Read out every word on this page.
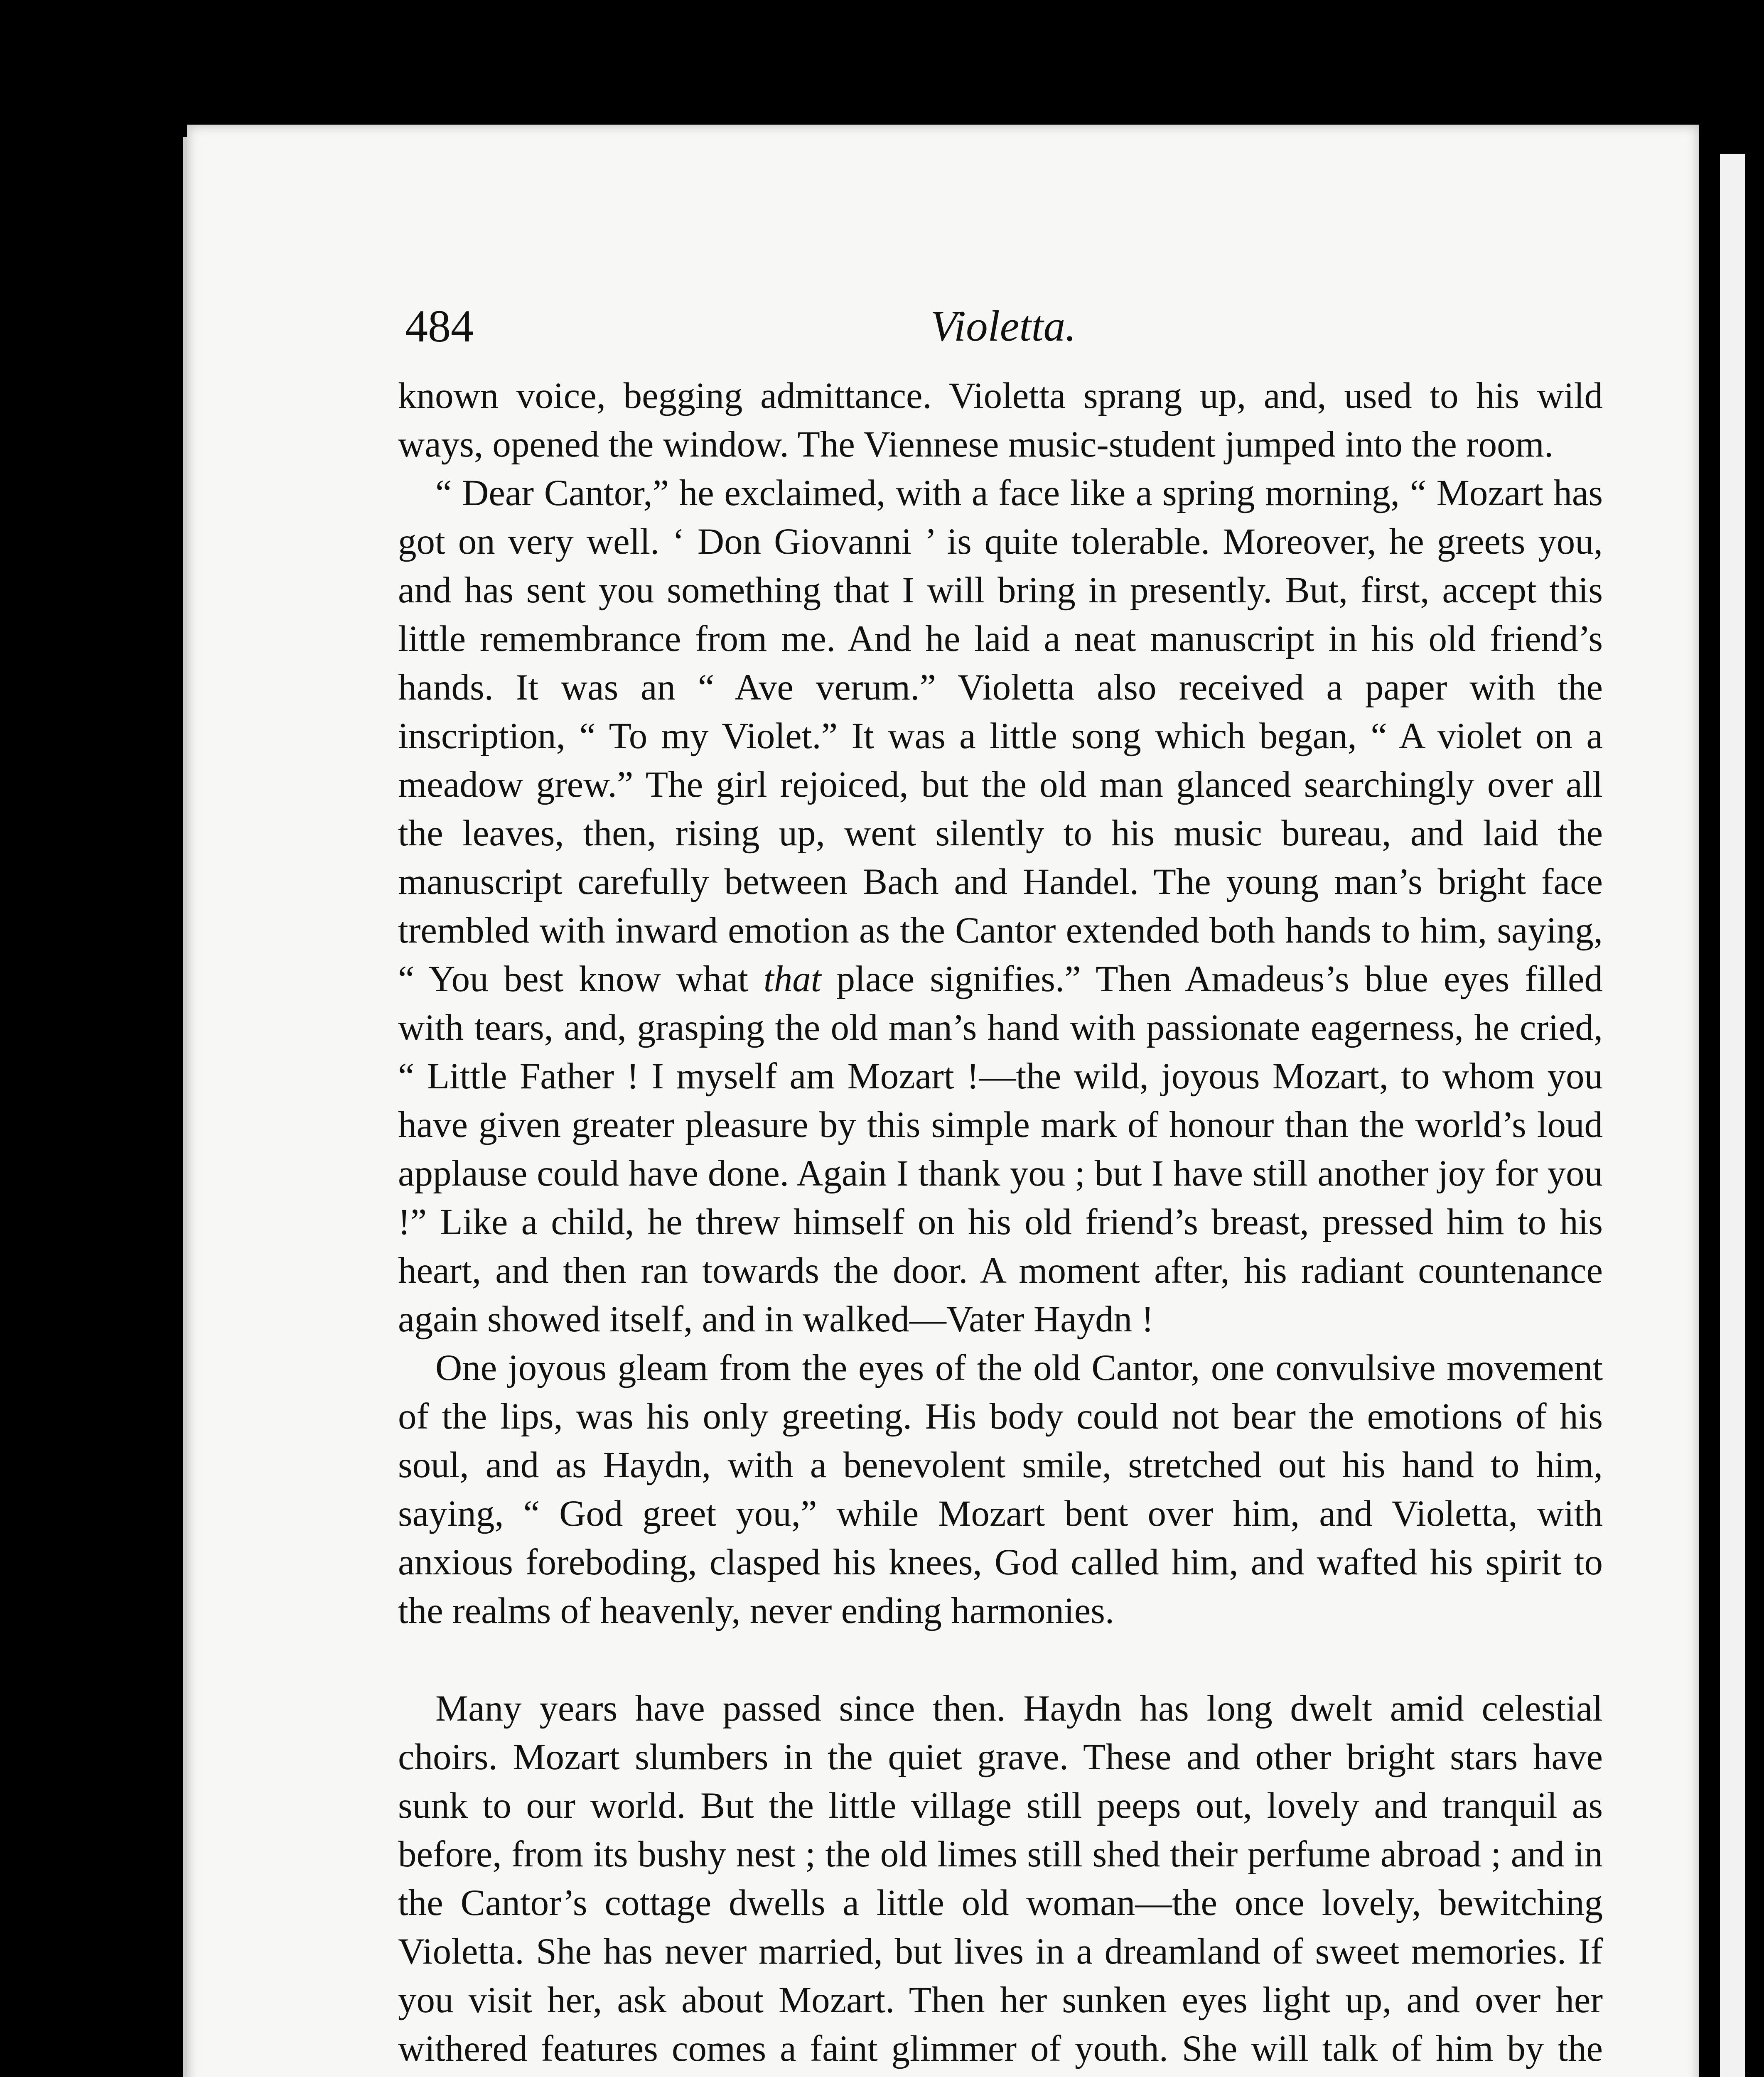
484	Violetta.

known voice, begging admittance. Violetta sprang up, and, used to his wild ways, opened the window. The Viennese music-student jumped into the room.

“ Dear Cantor,” he exclaimed, with a face like a spring morning, “ Mozart has got on very well. ‘ Don Giovanni ’ is quite tolerable. Moreover, he greets you, and has sent you something that I will bring in presently. But, first, accept this little remembrance from me. And he laid a neat manuscript in his old friend’s hands. It was an “ Ave verum.” Violetta also received a paper with the inscription, “ To my Violet.” It was a little song which began, “ A violet on a meadow grew.” The girl rejoiced, but the old man glanced searchingly over all the leaves, then, rising up, went silently to his music bureau, and laid the manuscript carefully between Bach and Handel. The young man’s bright face trembled with inward emotion as the Cantor extended both hands to him, saying, “ You best know what that place signifies.” Then Amadeus’s blue eyes filled with tears, and, grasping the old man’s hand with passionate eagerness, he cried, “ Little Father ! I myself am Mozart !—the wild, joyous Mozart, to whom you have given greater pleasure by this simple mark of honour than the world’s loud applause could have done. Again I thank you ; but I have still another joy for you !” Like a child, he threw himself on his old friend’s breast, pressed him to his heart, and then ran towards the door. A moment after, his radiant countenance again showed itself, and in walked—Vater Haydn !

One joyous gleam from the eyes of the old Cantor, one convulsive movement of the lips, was his only greeting. His body could not bear the emotions of his soul, and as Haydn, with a benevolent smile, stretched out his hand to him, saying, “ God greet you,” while Mozart bent over him, and Violetta, with anxious foreboding, clasped his knees, God called him, and wafted his spirit to the realms of heavenly, never ending harmonies.

Many years have passed since then. Haydn has long dwelt amid celestial choirs. Mozart slumbers in the quiet grave. These and other bright stars have sunk to our world. But the little village still peeps out, lovely and tranquil as before, from its bushy nest ; the old limes still shed their perfume abroad ; and in the Cantor’s cottage dwells a little old woman—the once lovely, bewitching Violetta. She has never married, but lives in a dreamland of sweet memories. If you visit her, ask about Mozart. Then her sunken eyes light up, and over her withered features comes a faint glimmer of youth. She will talk of him by the
